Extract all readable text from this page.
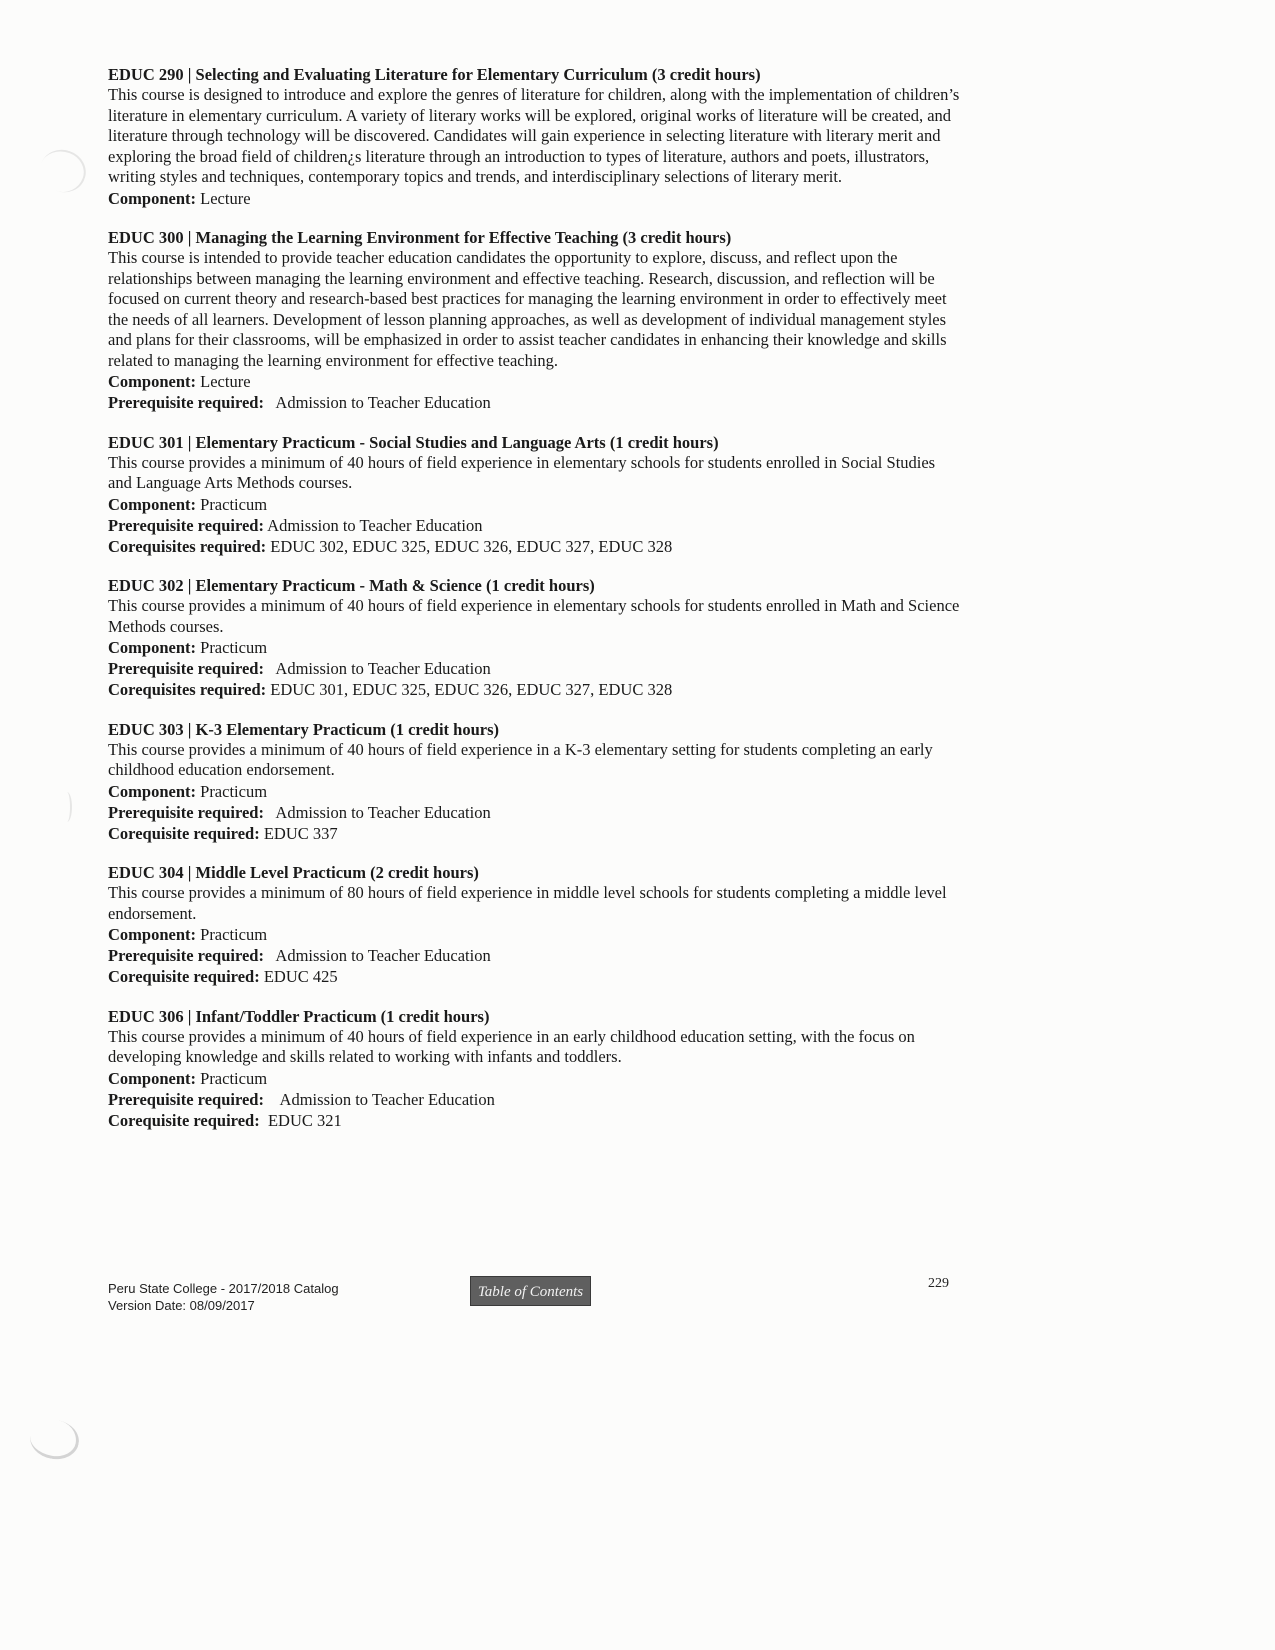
EDUC 290 | Selecting and Evaluating Literature for Elementary Curriculum (3 credit hours)

This course is designed to introduce and explore the genres of literature for children, along with the implementation of children’s literature in elementary curriculum. A variety of literary works will be explored, original works of literature will be created, and literature through technology will be discovered. Candidates will gain experience in selecting literature with literary merit and exploring the broad field of children¿s literature through an introduction to types of literature, authors and poets, illustrators, writing styles and techniques, contemporary topics and trends, and interdisciplinary selections of literary merit.

Component: Lecture

EDUC 300 | Managing the Learning Environment for Effective Teaching (3 credit hours)

This course is intended to provide teacher education candidates the opportunity to explore, discuss, and reflect upon the relationships between managing the learning environment and effective teaching. Research, discussion, and reflection will be focused on current theory and research-based best practices for managing the learning environment in order to effectively meet the needs of all learners. Development of lesson planning approaches, as well as development of individual management styles and plans for their classrooms, will be emphasized in order to assist teacher candidates in enhancing their knowledge and skills related to managing the learning environment for effective teaching.

Component: Lecture

Prerequisite required:   Admission to Teacher Education

EDUC 301 | Elementary Practicum - Social Studies and Language Arts (1 credit hours)

This course provides a minimum of 40 hours of field experience in elementary schools for students enrolled in Social Studies and Language Arts Methods courses.

Component: Practicum

Prerequisite required: Admission to Teacher Education

Corequisites required: EDUC 302, EDUC 325, EDUC 326, EDUC 327, EDUC 328

EDUC 302 | Elementary Practicum - Math & Science (1 credit hours)

This course provides a minimum of 40 hours of field experience in elementary schools for students enrolled in Math and Science Methods courses.

Component: Practicum

Prerequisite required:   Admission to Teacher Education

Corequisites required: EDUC 301, EDUC 325, EDUC 326, EDUC 327, EDUC 328

EDUC 303 | K-3 Elementary Practicum (1 credit hours)

This course provides a minimum of 40 hours of field experience in a K-3 elementary setting for students completing an early childhood education endorsement.

Component: Practicum

Prerequisite required:   Admission to Teacher Education

Corequisite required: EDUC 337

EDUC 304 | Middle Level Practicum (2 credit hours)

This course provides a minimum of 80 hours of field experience in middle level schools for students completing a middle level endorsement.

Component: Practicum

Prerequisite required:   Admission to Teacher Education

Corequisite required: EDUC 425

EDUC 306 | Infant/Toddler Practicum (1 credit hours)

This course provides a minimum of 40 hours of field experience in an early childhood education setting, with the focus on developing knowledge and skills related to working with infants and toddlers.

Component: Practicum

Prerequisite required:    Admission to Teacher Education

Corequisite required:  EDUC 321

Peru State College - 2017/2018 Catalog
Version Date: 08/09/2017
Table of Contents
229
